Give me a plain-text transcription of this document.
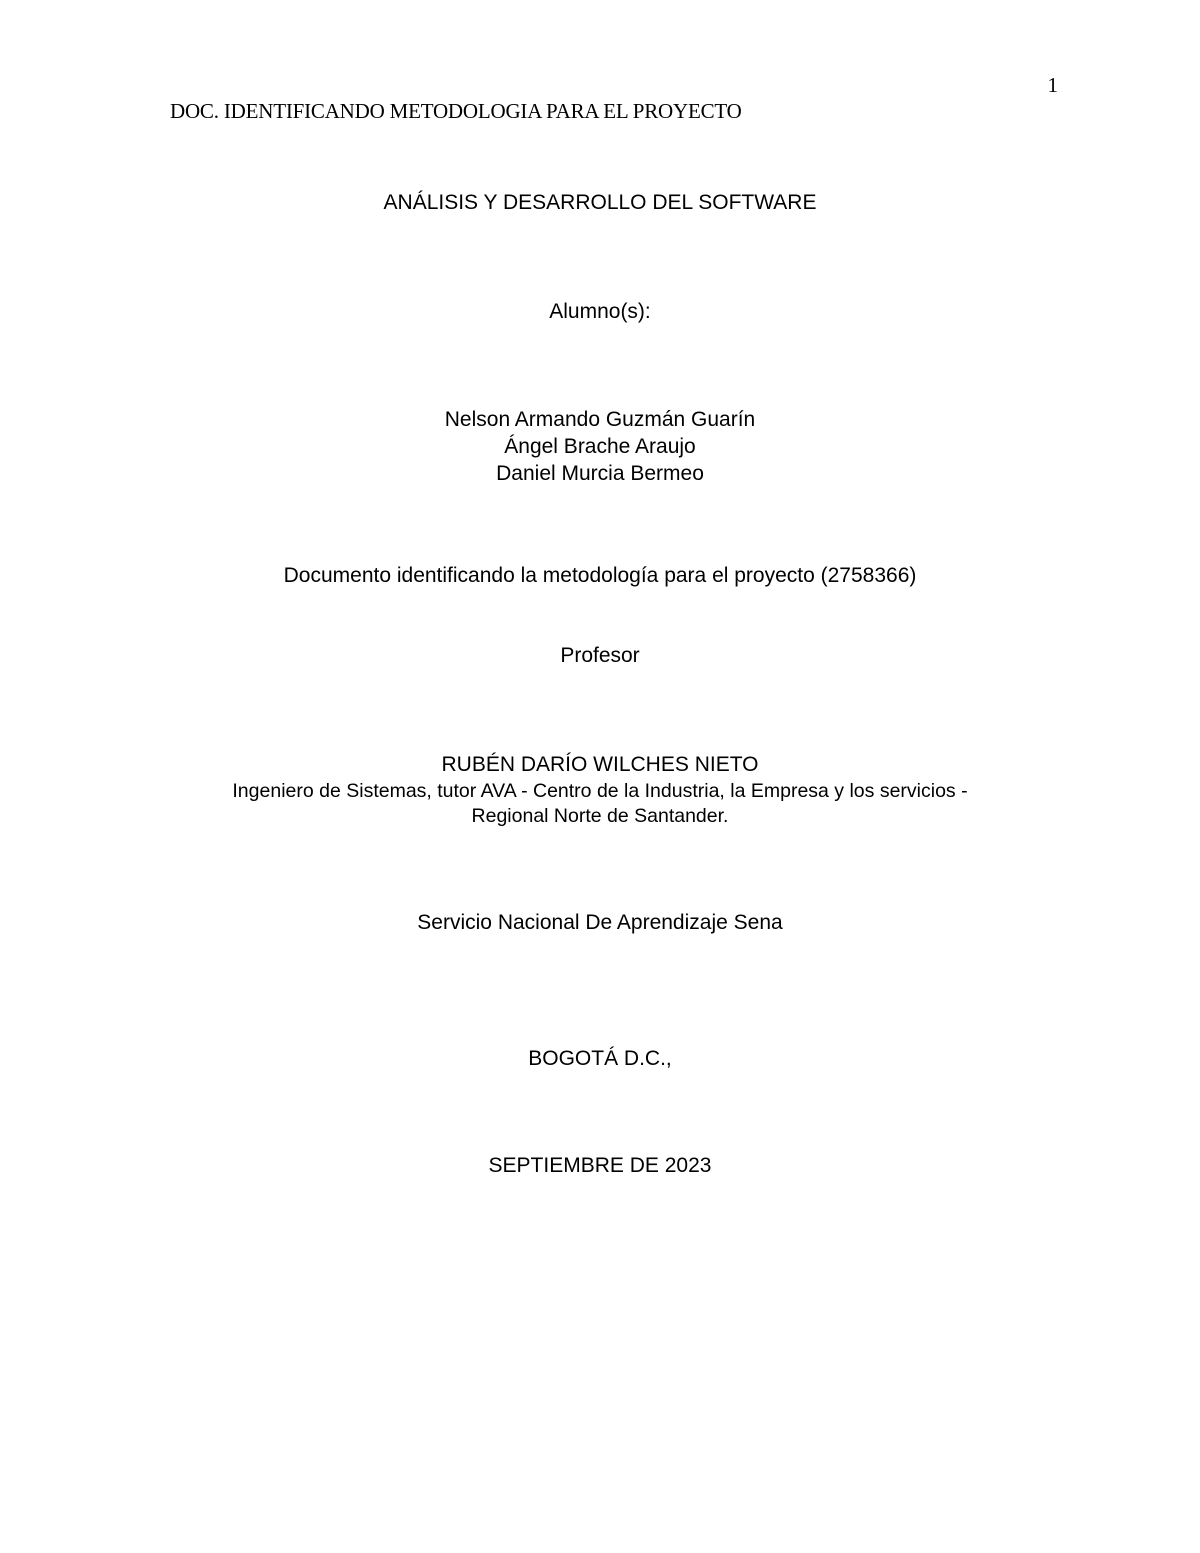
1
DOC. IDENTIFICANDO METODOLOGIA PARA EL PROYECTO
ANÁLISIS Y DESARROLLO DEL SOFTWARE
Alumno(s):
Nelson Armando Guzmán Guarín
Ángel Brache Araujo
Daniel Murcia Bermeo
Documento identificando la metodología para el proyecto (2758366)
Profesor
RUBÉN DARÍO WILCHES NIETO
Ingeniero de Sistemas, tutor AVA - Centro de la Industria, la Empresa y los servicios -
Regional Norte de Santander.
Servicio Nacional De Aprendizaje Sena
BOGOTÁ D.C.,
SEPTIEMBRE DE 2023
